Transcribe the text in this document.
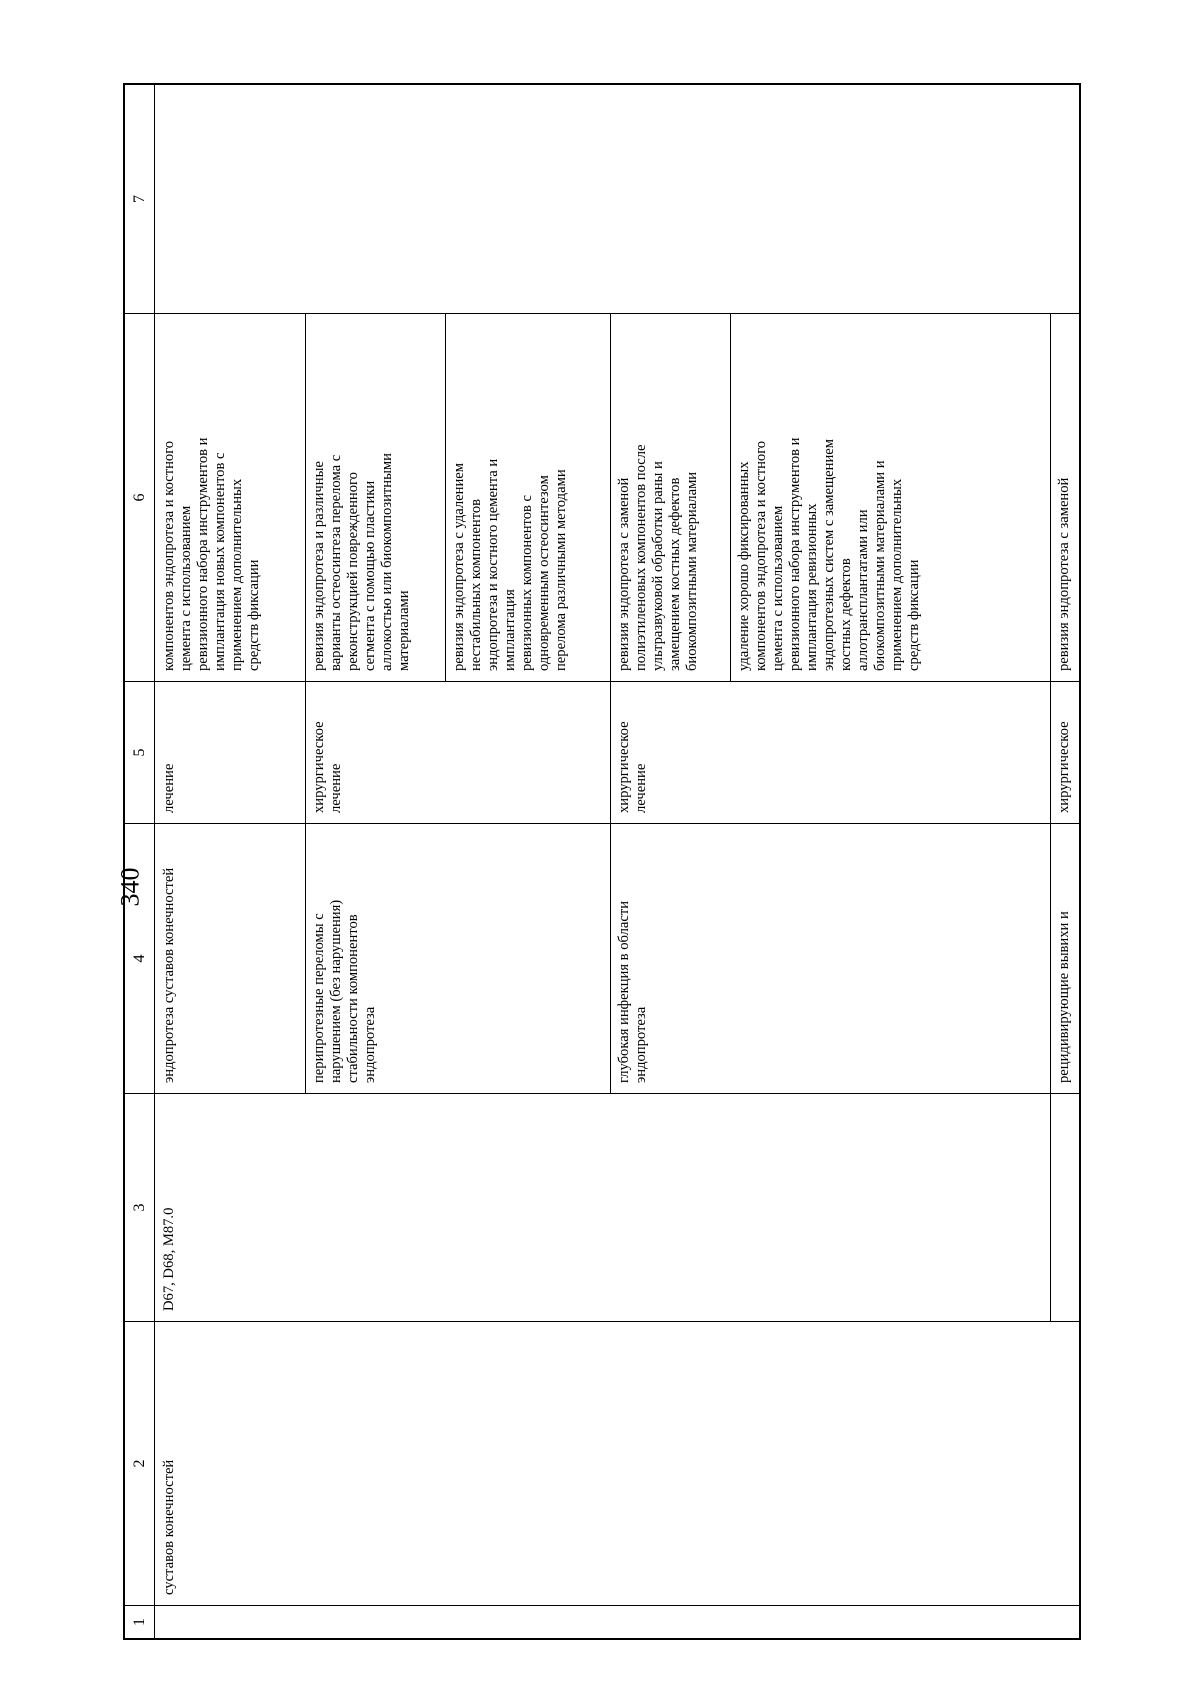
340
1
2
3
4
5
6
7
суставов конечностей
D67, D68, M87.0
эндопротеза суставов конечностей
лечение
компонентов эндопротеза и костного
цемента с использованием
ревизионного набора инструментов и
имплантация новых компонентов с
применением дополнительных
средств фиксации
перипротезные переломы с
нарушением (без нарушения)
стабильности компонентов
эндопротеза
хирургическое
лечение
ревизия эндопротеза и различные
варианты остеосинтеза перелома с
реконструкцией поврежденного
сегмента с помощью пластики
аллокостью или биокомпозитными
материалами	ревизия эндопротеза с удалением
нестабильных компонентов
эндопротеза и костного цемента и
имплантация
ревизионных компонентов с
одновременным остеосинтезом
перелома различными методами
глубокая инфекция в области
эндопротеза
хирургическое
лечение
ревизия эндопротеза с заменой
полиэтиленовых компонентов после
ультразвуковой обработки раны и
замещением костных дефектов
биокомпозитными материалами
удаление хорошо фиксированных
компонентов эндопротеза и костного
цемента с использованием
ревизионного набора инструментов и
имплантация ревизионных
эндопротезных систем с замещением
костных дефектов
аллотрансплантатами или
биокомпозитными материалами и
применением дополнительных
средств фиксации
рецидивирующие вывихи и
хирургическое
ревизия эндопротеза с заменой
